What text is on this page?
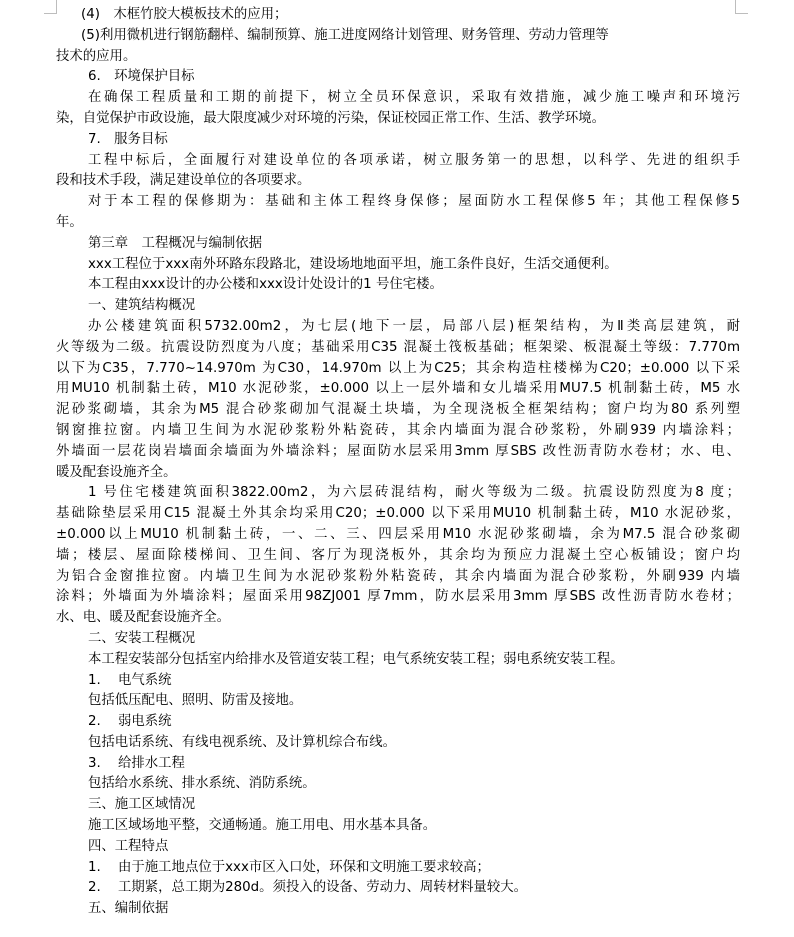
(4)　木框竹胶大模板技术的应用；
(5)利用微机进行钢筋翻样、编制预算、施工进度网络计划管理、财务管理、劳动力管理等
技术的应用。
6.　环境保护目标
在确保工程质量和工期的前提下，树立全员环保意识，采取有效措施，减少施工噪声和环境污
染，自觉保护市政设施，最大限度减少对环境的污染，保证校园正常工作、生活、教学环境。
7.　服务目标
工程中标后，全面履行对建设单位的各项承诺，树立服务第一的思想，以科学、先进的组织手
段和技术手段，满足建设单位的各项要求。
对于本工程的保修期为：基础和主体工程终身保修；屋面防水工程保修5 年；其他工程保修5
年。
第三章　工程概况与编制依据
xxx工程位于xxx南外环路东段路北，建设场地地面平坦，施工条件良好，生活交通便利。
本工程由xxx设计的办公楼和xxx设计处设计的1 号住宅楼。
一、建筑结构概况
办公楼建筑面积5732.00m2，为七层(地下一层，局部八层)框架结构，为Ⅱ类高层建筑，耐
火等级为二级。抗震设防烈度为八度；基础采用C35 混凝土筏板基础；框架梁、板混凝土等级：7.770m
以下为C35，7.770~14.970m 为C30，14.970m 以上为C25；其余构造柱楼梯为C20；±0.000 以下采
用MU10 机制黏土砖，M10 水泥砂浆，±0.000 以上一层外墙和女儿墙采用MU7.5 机制黏土砖，M5 水
泥砂浆砌墙，其余为M5 混合砂浆砌加气混凝土块墙，为全现浇板全框架结构；窗户均为80 系列塑
钢窗推拉窗。内墙卫生间为水泥砂浆粉外粘瓷砖，其余内墙面为混合砂浆粉，外刷939 内墙涂料；
外墙面一层花岗岩墙面余墙面为外墙涂料；屋面防水层采用3mm 厚SBS 改性沥青防水卷材；水、电、
暖及配套设施齐全。
1 号住宅楼建筑面积3822.00m2，为六层砖混结构，耐火等级为二级。抗震设防烈度为8 度；
基础除垫层采用C15 混凝土外其余均采用C20；±0.000 以下采用MU10 机制黏土砖，M10 水泥砂浆，
±0.000以上MU10 机制黏土砖，一、二、三、四层采用M10 水泥砂浆砌墙，余为M7.5 混合砂浆砌
墙；楼层、屋面除楼梯间、卫生间、客厅为现浇板外，其余均为预应力混凝土空心板铺设；窗户均
为铝合金窗推拉窗。内墙卫生间为水泥砂浆粉外粘瓷砖，其余内墙面为混合砂浆粉，外刷939 内墙
涂料；外墙面为外墙涂料；屋面采用98ZJ001 厚7mm，防水层采用3mm 厚SBS 改性沥青防水卷材；
水、电、暖及配套设施齐全。
二、安装工程概况
本工程安装部分包括室内给排水及管道安装工程；电气系统安装工程；弱电系统安装工程。
1. 电气系统
包括低压配电、照明、防雷及接地。
2. 弱电系统
包括电话系统、有线电视系统、及计算机综合布线。
3. 给排水工程
包括给水系统、排水系统、消防系统。
三、施工区域情况
施工区域场地平整，交通畅通。施工用电、用水基本具备。
四、工程特点
1. 由于施工地点位于xxx市区入口处，环保和文明施工要求较高；
2. 工期紧，总工期为280d。须投入的设备、劳动力、周转材料量较大。
五、编制依据
